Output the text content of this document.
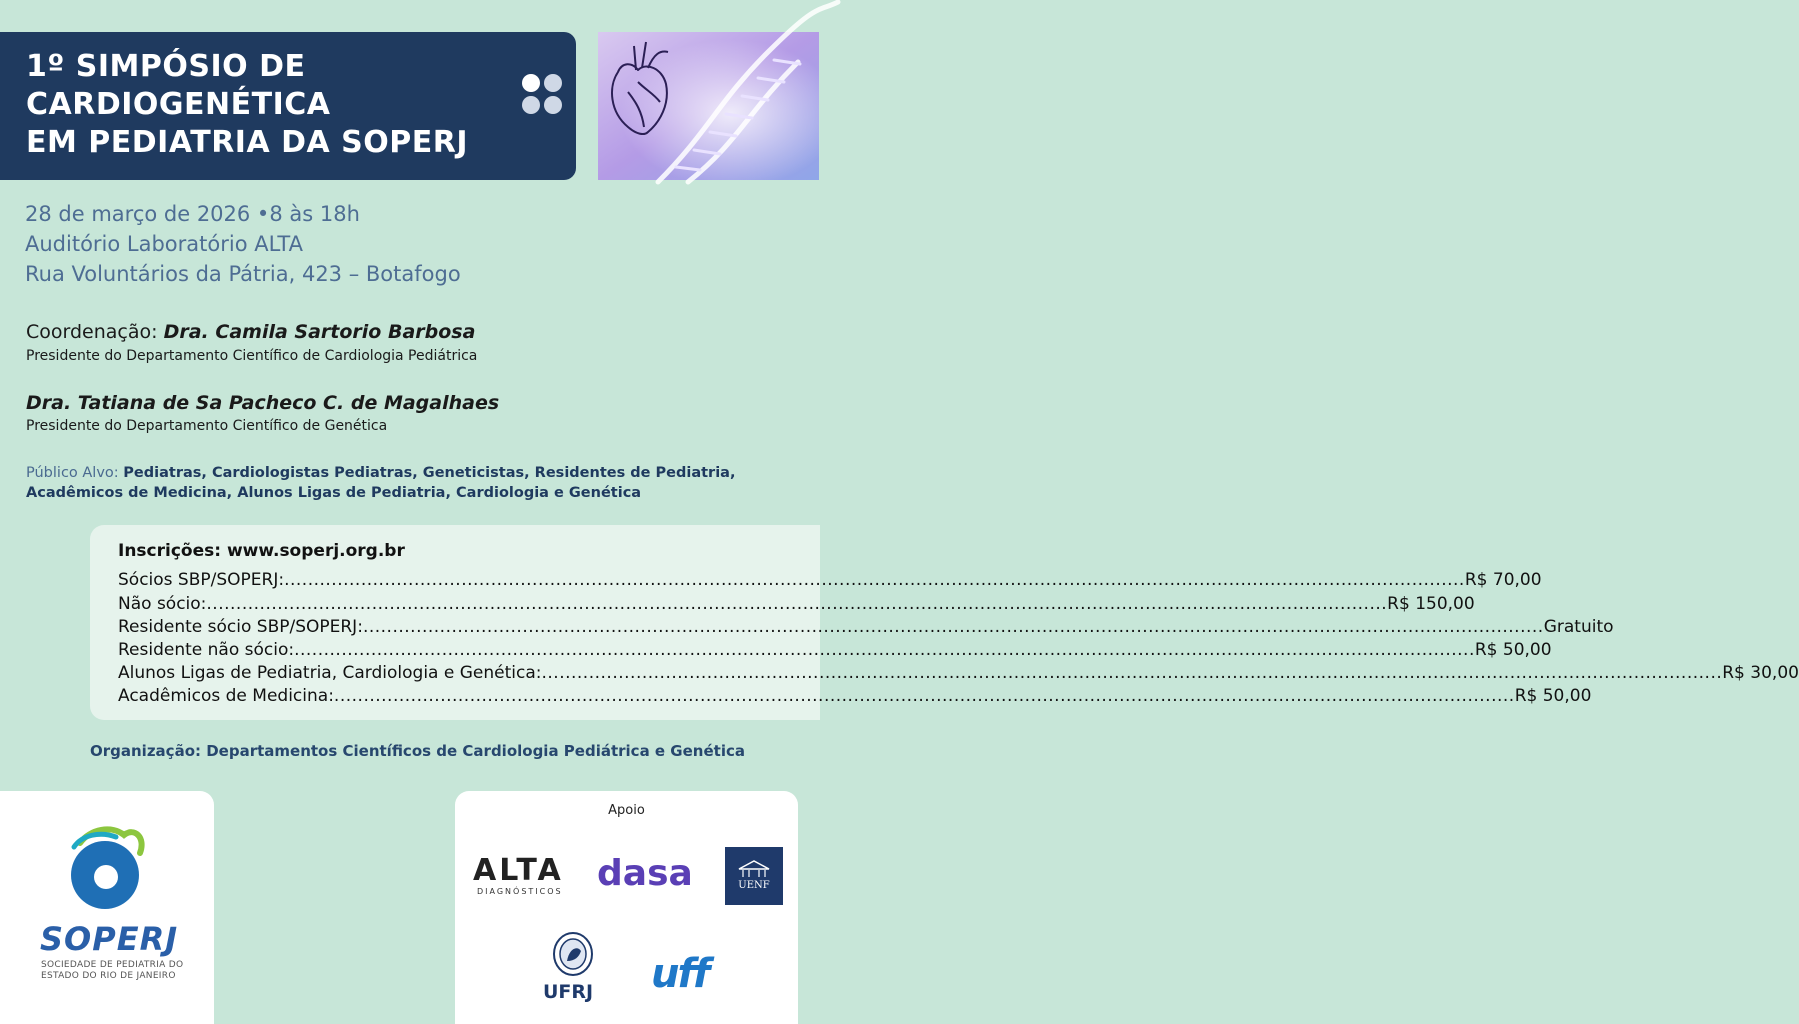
1º SIMPÓSIO DE
CARDIOGENÉTICA
EM PEDIATRIA DA SOPERJ
28 de março de 2026 •8 às 18h
Auditório Laboratório ALTA
Rua Voluntários da Pátria, 423 – Botafogo
Coordenação: Dra. Camila Sartorio Barbosa
Presidente do Departamento Científico de Cardiologia Pediátrica
Dra. Tatiana de Sa Pacheco C. de Magalhaes
Presidente do Departamento Científico de Genética
Público Alvo: Pediatras, Cardiologistas Pediatras, Geneticistas, Residentes de Pediatria, Acadêmicos de Medicina, Alunos Ligas de Pediatria, Cardiologia e Genética
Inscrições: www.soperj.org.br
Sócios SBP/SOPERJ: ........................................................................................................................................................................................................ R$ 70,00
Não sócio: ........................................................................................................................................................................................................ R$ 150,00
Residente sócio SBP/SOPERJ: ........................................................................................................................................................................................................ Gratuito
Residente não sócio: ........................................................................................................................................................................................................ R$ 50,00
Alunos Ligas de Pediatria, Cardiologia e Genética: ........................................................................................................................................................................................................ R$ 30,00
Acadêmicos de Medicina: ........................................................................................................................................................................................................ R$ 50,00
Organização: Departamentos Científicos de Cardiologia Pediátrica e Genética
SOPERJ
SOCIEDADE DE PEDIATRIA DO
ESTADO DO RIO DE JANEIRO
Apoio
ALTA
DIAGNÓSTICOS dasa	UENF
UFRJ uff
